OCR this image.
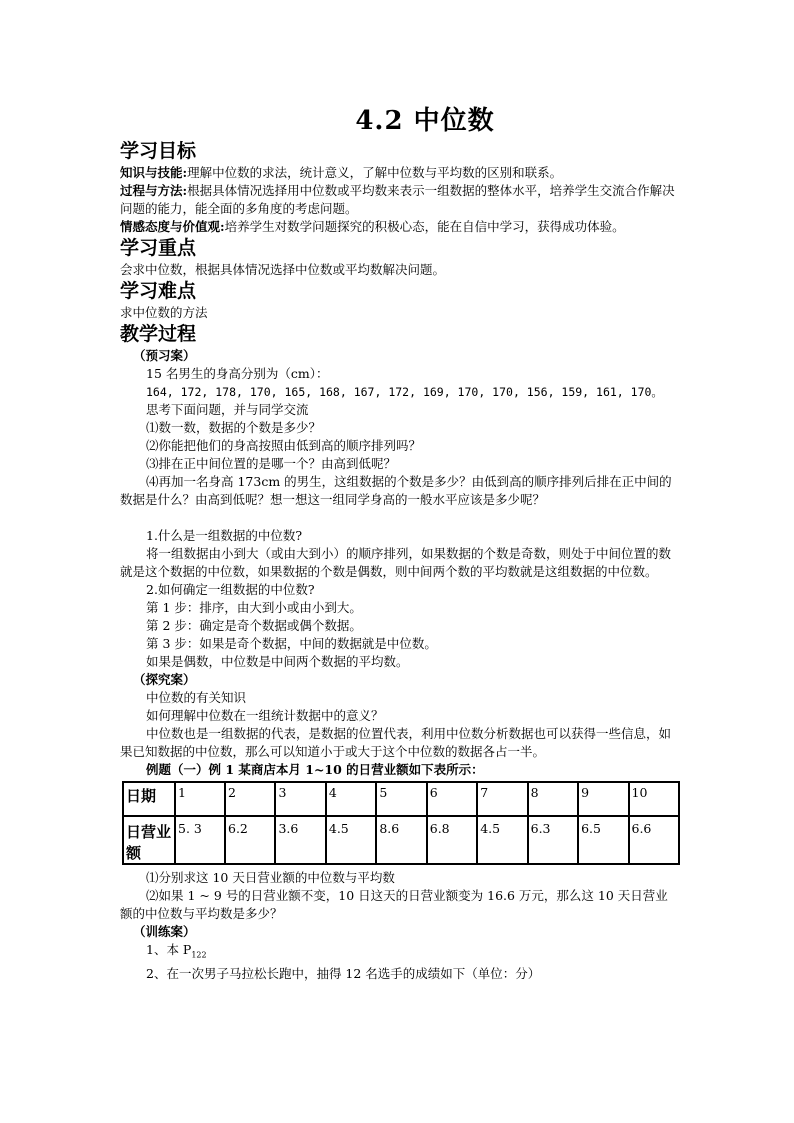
4.2 中位数
学习目标

知识与技能:理解中位数的求法，统计意义，了解中位数与平均数的区别和联系。

过程与方法:根据具体情况选择用中位数或平均数来表示一组数据的整体水平，培养学生交流合作解决问题的能力，能全面的多角度的考虑问题。

情感态度与价值观:培养学生对数学问题探究的积极心态，能在自信中学习，获得成功体验。

学习重点

会求中位数，根据具体情况选择中位数或平均数解决问题。

学习难点

求中位数的方法

教学过程

（预习案）

15 名男生的身高分别为（cm）：

164, 172, 178, 170, 165, 168, 167, 172, 169, 170, 170, 156, 159, 161, 170。

思考下面问题，并与同学交流

⑴数一数，数据的个数是多少？

⑵你能把他们的身高按照由低到高的顺序排列吗？

⑶排在正中间位置的是哪一个？由高到低呢？

⑷再加一名身高 173cm 的男生，这组数据的个数是多少？由低到高的顺序排列后排在正中间的数据是什么？由高到低呢？想一想这一组同学身高的一般水平应该是多少呢？

1.什么是一组数据的中位数?

将一组数据由小到大（或由大到小）的顺序排列，如果数据的个数是奇数，则处于中间位置的数就是这个数据的中位数，如果数据的个数是偶数，则中间两个数的平均数就是这组数据的中位数。

2.如何确定一组数据的中位数?

第 1 步：排序，由大到小或由小到大。

第 2 步：确定是奇个数据或偶个数据。

第 3 步：如果是奇个数据，中间的数据就是中位数。

如果是偶数，中位数是中间两个数据的平均数。

（探究案）

中位数的有关知识

如何理解中位数在一组统计数据中的意义？

中位数也是一组数据的代表，是数据的位置代表，利用中位数分析数据也可以获得一些信息，如果已知数据的中位数，那么可以知道小于或大于这个中位数的数据各占一半。

例题（一）例 1 某商店本月 1~10 的日营业额如下表所示：

日期	1	2	3	4	5	6	7	8	9	10
日营业额	5. 3	6.2	3.6	4.5	8.6	6.8	4.5	6.3	6.5	6.6

⑴分别求这 10 天日营业额的中位数与平均数

⑵如果 1 ~ 9 号的日营业额不变，10 日这天的日营业额变为 16.6 万元，那么这 10 天日营业额的中位数与平均数是多少？

（训练案）

1、本 $P_{122}$

2、在一次男子马拉松长跑中，抽得 12 名选手的成绩如下（单位：分）
